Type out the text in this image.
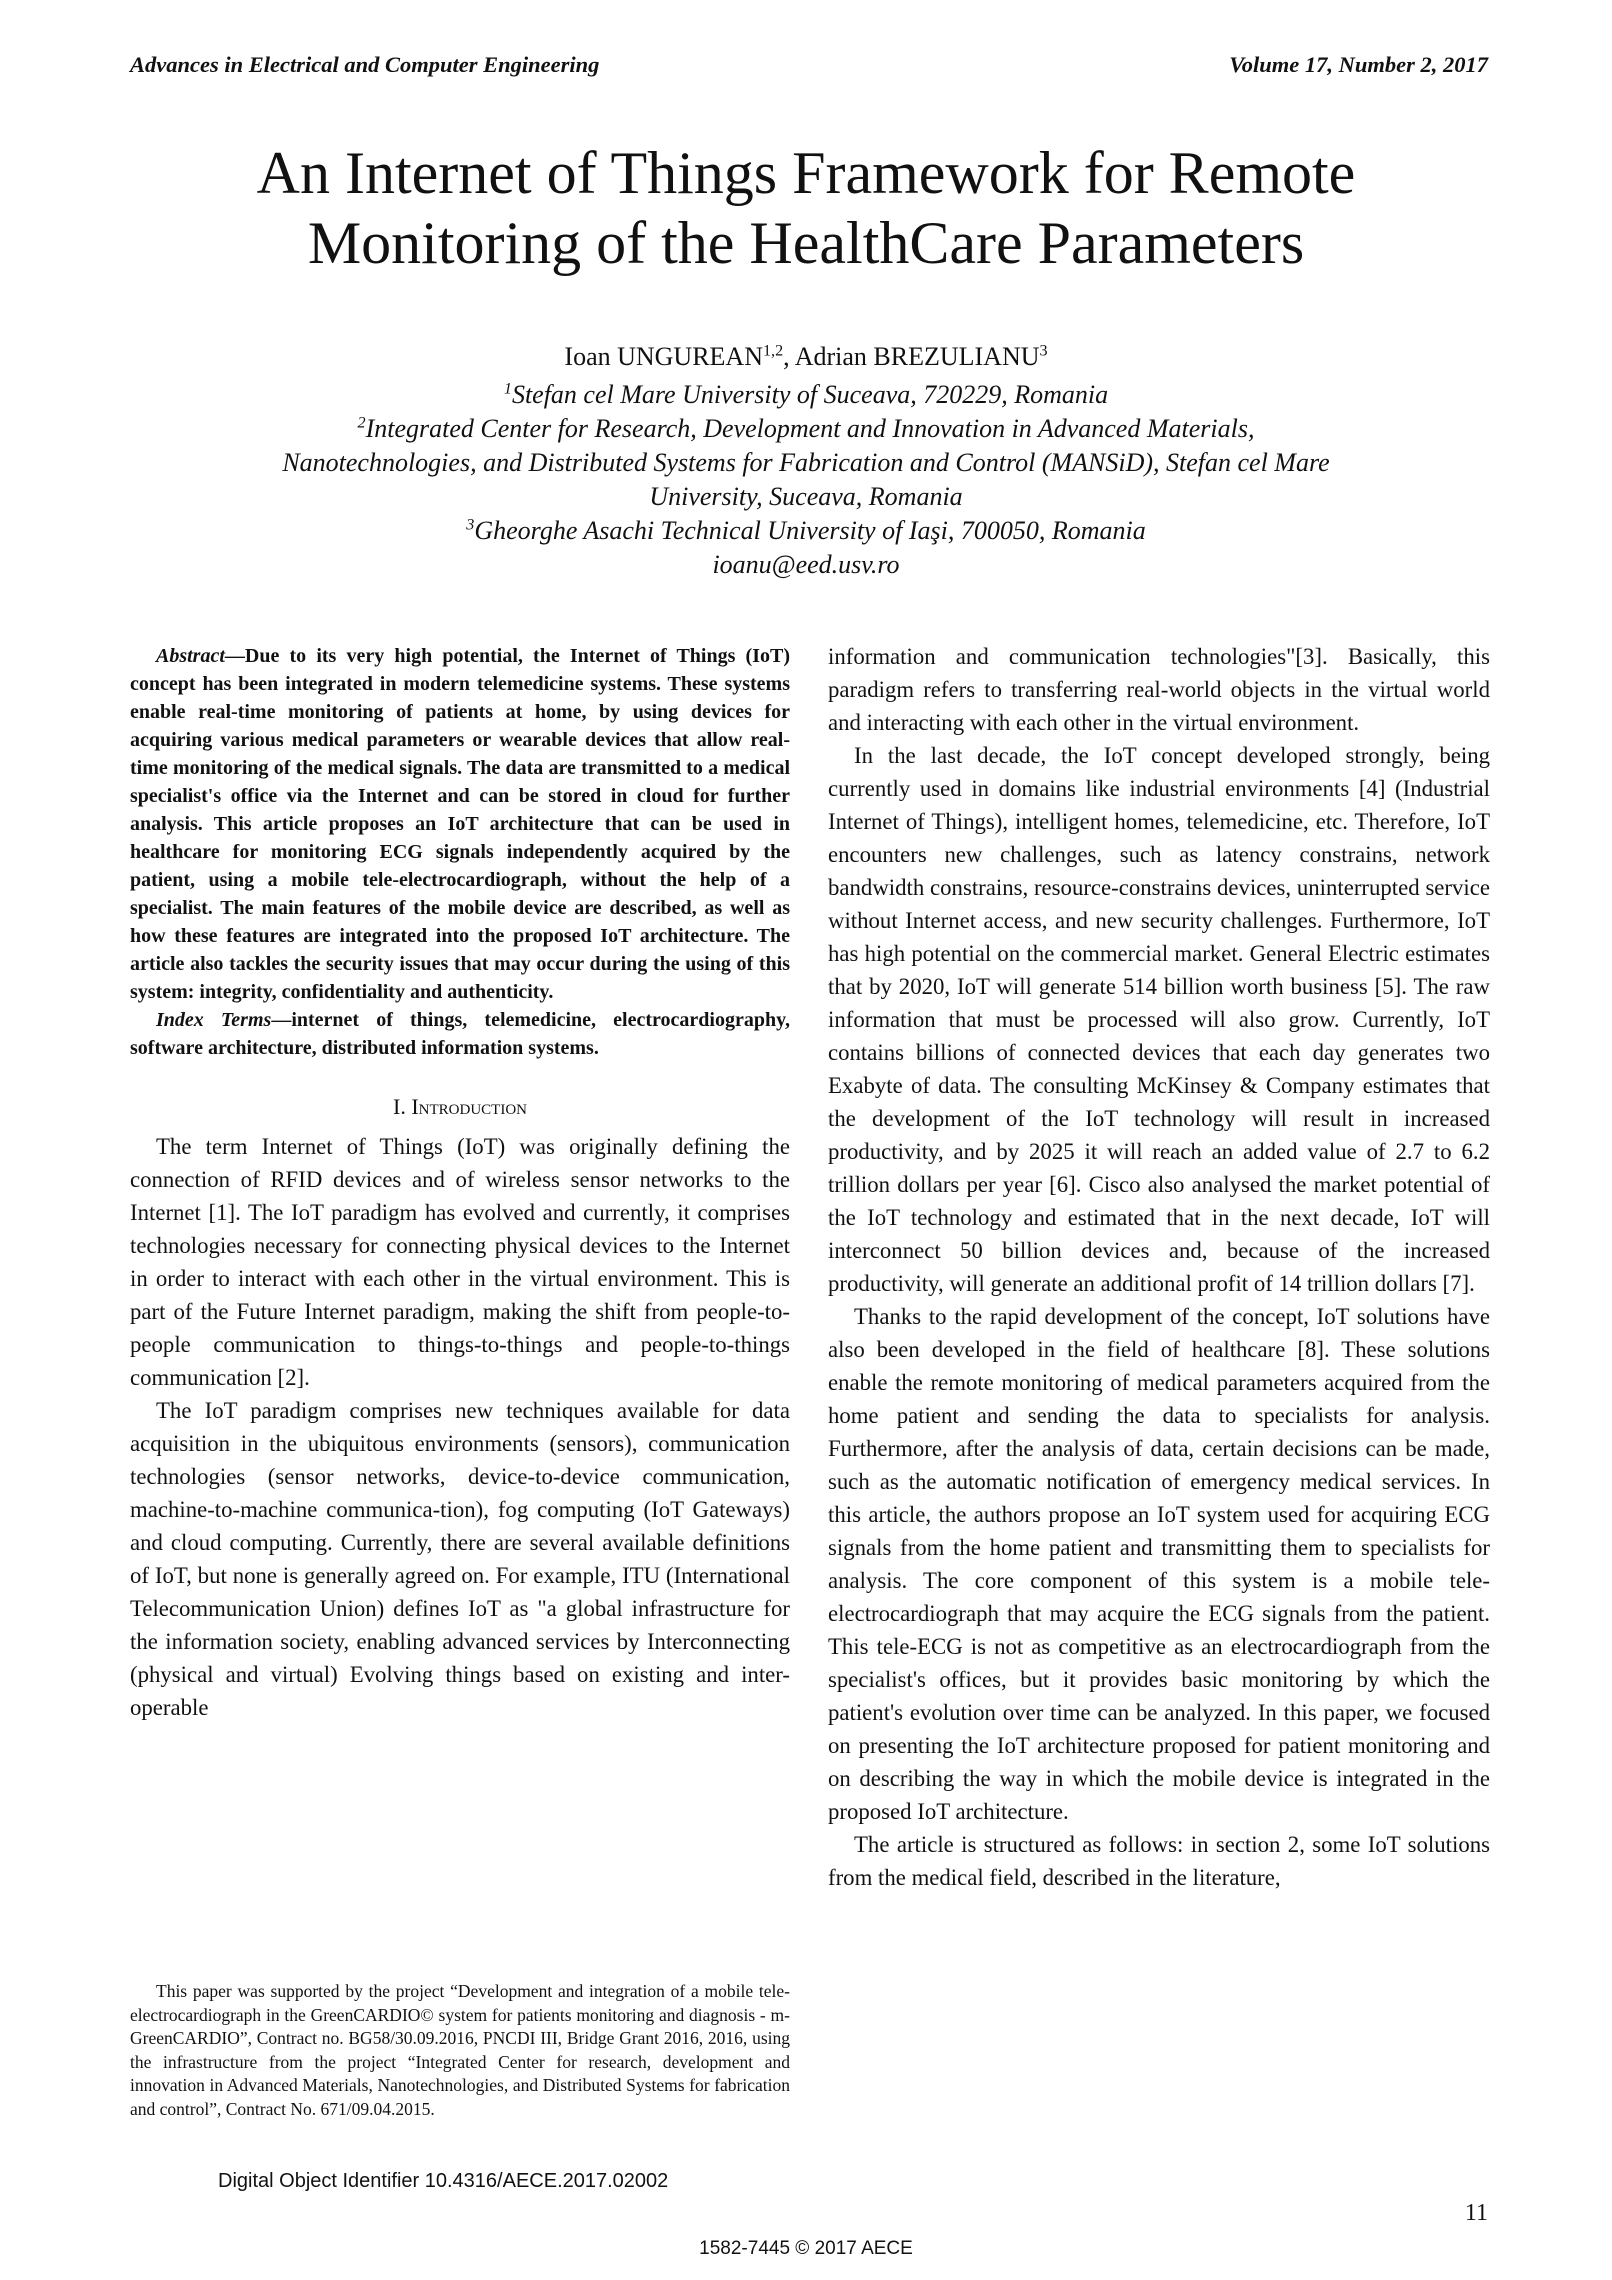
Advances in Electrical and Computer Engineering	Volume 17, Number 2, 2017
An Internet of Things Framework for Remote
Monitoring of the HealthCare Parameters
Ioan UNGUREAN$^{1,2}$, Adrian BREZULIANU$^3$
$^1$Stefan cel Mare University of Suceava, 720229, Romania
$^2$Integrated Center for Research, Development and Innovation in Advanced Materials,
Nanotechnologies, and Distributed Systems for Fabrication and Control (MANSiD), Stefan cel Mare
University, Suceava, Romania
$^3$Gheorghe Asachi Technical University of Iaşi, 700050, Romania
ioanu@eed.usv.ro

Abstract—Due to its very high potential, the Internet of Things (IoT) concept has been integrated in modern telemedicine systems. These systems enable real-time monitoring of patients at home, by using devices for acquiring various medical parameters or wearable devices that allow real-time monitoring of the medical signals. The data are transmitted to a medical specialist's office via the Internet and can be stored in cloud for further analysis. This article proposes an IoT architecture that can be used in healthcare for monitoring ECG signals independently acquired by the patient, using a mobile tele-electrocardiograph, without the help of a specialist. The main features of the mobile device are described, as well as how these features are integrated into the proposed IoT architecture. The article also tackles the security issues that may occur during the using of this system: integrity, confidentiality and authenticity.

Index Terms—internet of things, telemedicine, electrocardiography, software architecture, distributed information systems.

I. Introduction

The term Internet of Things (IoT) was originally defining the connection of RFID devices and of wireless sensor networks to the Internet [1]. The IoT paradigm has evolved and currently, it comprises technologies necessary for connecting physical devices to the Internet in order to interact with each other in the virtual environment. This is part of the Future Internet paradigm, making the shift from people-to-people communication to things-to-things and people-to-things communication [2].

The IoT paradigm comprises new techniques available for data acquisition in the ubiquitous environments (sensors), communication technologies (sensor networks, device-to-device communication, machine-to-machine communica-tion), fog computing (IoT Gateways) and cloud computing. Currently, there are several available definitions of IoT, but none is generally agreed on. For example, ITU (International Telecommunication Union) defines IoT as "a global infrastructure for the information society, enabling advanced services by Interconnecting (physical and virtual) Evolving things based on existing and inter-operable

information and communication technologies"[3]. Basically, this paradigm refers to transferring real-world objects in the virtual world and interacting with each other in the virtual environment.

In the last decade, the IoT concept developed strongly, being currently used in domains like industrial environments [4] (Industrial Internet of Things), intelligent homes, telemedicine, etc. Therefore, IoT encounters new challenges, such as latency constrains, network bandwidth constrains, resource-constrains devices, uninterrupted service without Internet access, and new security challenges. Furthermore, IoT has high potential on the commercial market. General Electric estimates that by 2020, IoT will generate 514 billion worth business [5]. The raw information that must be processed will also grow. Currently, IoT contains billions of connected devices that each day generates two Exabyte of data. The consulting McKinsey & Company estimates that the development of the IoT technology will result in increased productivity, and by 2025 it will reach an added value of 2.7 to 6.2 trillion dollars per year [6]. Cisco also analysed the market potential of the IoT technology and estimated that in the next decade, IoT will interconnect 50 billion devices and, because of the increased productivity, will generate an additional profit of 14 trillion dollars [7].

Thanks to the rapid development of the concept, IoT solutions have also been developed in the field of healthcare [8]. These solutions enable the remote monitoring of medical parameters acquired from the home patient and sending the data to specialists for analysis. Furthermore, after the analysis of data, certain decisions can be made, such as the automatic notification of emergency medical services. In this article, the authors propose an IoT system used for acquiring ECG signals from the home patient and transmitting them to specialists for analysis. The core component of this system is a mobile tele-electrocardiograph that may acquire the ECG signals from the patient. This tele-ECG is not as competitive as an electrocardiograph from the specialist's offices, but it provides basic monitoring by which the patient's evolution over time can be analyzed. In this paper, we focused on presenting the IoT architecture proposed for patient monitoring and on describing the way in which the mobile device is integrated in the proposed IoT architecture.

The article is structured as follows: in section 2, some IoT solutions from the medical field, described in the literature,

This paper was supported by the project “Development and integration of a mobile tele-electrocardiograph in the GreenCARDIO© system for patients monitoring and diagnosis - m-GreenCARDIO”, Contract no. BG58/30.09.2016, PNCDI III, Bridge Grant 2016, 2016, using the infrastructure from the project “Integrated Center for research, development and innovation in Advanced Materials, Nanotechnologies, and Distributed Systems for fabrication and control”, Contract No. 671/09.04.2015.
Digital Object Identifier 10.4316/AECE.2017.02002
11
1582-7445 © 2017 AECE
